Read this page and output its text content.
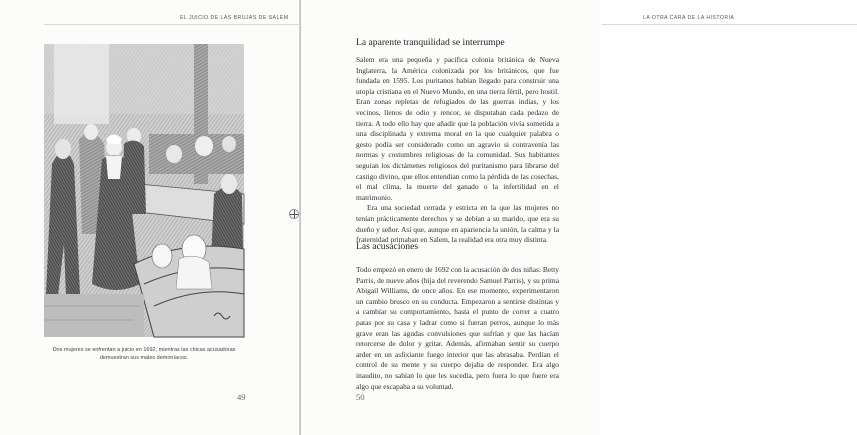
EL JUICIO DE LAS BRUJAS DE SALEM
Dos mujeres se enfrentan a juicio en 1692, mientras las chicas acusadoras demuestran sus males demoníacos.
49
LA OTRA CARA DE LA HISTORIA
La aparente tranquilidad se interrumpe

Salem era una pequeña y pacífica colonia británica de Nueva Inglaterra, la América colonizada por los británicos, que fue fundada en 1595. Los puritanos habían llegado para construir una utopía cristiana en el Nuevo Mundo, en una tierra fértil, pero hostil. Eran zonas repletas de refugiados de las guerras indias, y los vecinos, llenos de odio y rencor, se disputaban cada pedazo de tierra. A todo ello hay que añadir que la población vivía sometida a una disciplinada y extrema moral en la que cualquier palabra o gesto podía ser considerado como un agravio si contravenía las normas y costumbres religiosas de la comunidad. Sus habitantes seguían los dictámenes religiosos del puritanismo para librarse del castigo divino, que ellos entendían como la pérdida de las cosechas, el mal clima, la muerte del ganado o la infertilidad en el matrimonio.

Era una sociedad cerrada y estricta en la que las mujeres no tenían prácticamente derechos y se debían a su marido, que era su dueño y señor. Así que, aunque en apariencia la unión, la calma y la fraternidad primaban en Salem, la realidad era otra muy distinta.

Las acusaciones

Todo empezó en enero de 1692 con la acusación de dos niñas: Betty Parris, de nueve años (hija del reverendo Samuel Parris), y su prima Abigail Williams, de once años. En ese momento, experimentaron un cambio brusco en su conducta. Empezaron a sentirse distintas y a cambiar su comportamiento, hasta el punto de correr a cuatro patas por su casa y ladrar como si fueran perros, aunque lo más grave eran las agudas convulsiones que sufrían y que las hacían retorcerse de dolor y gritar. Además, afirmaban sentir su cuerpo arder en un asfixiante fuego interior que las abrasaba. Perdían el control de su mente y su cuerpo dejaba de responder. Era algo inaudito, no sabían lo que les sucedía, pero fuera lo que fuere era algo que escapaba a su voluntad.

50
